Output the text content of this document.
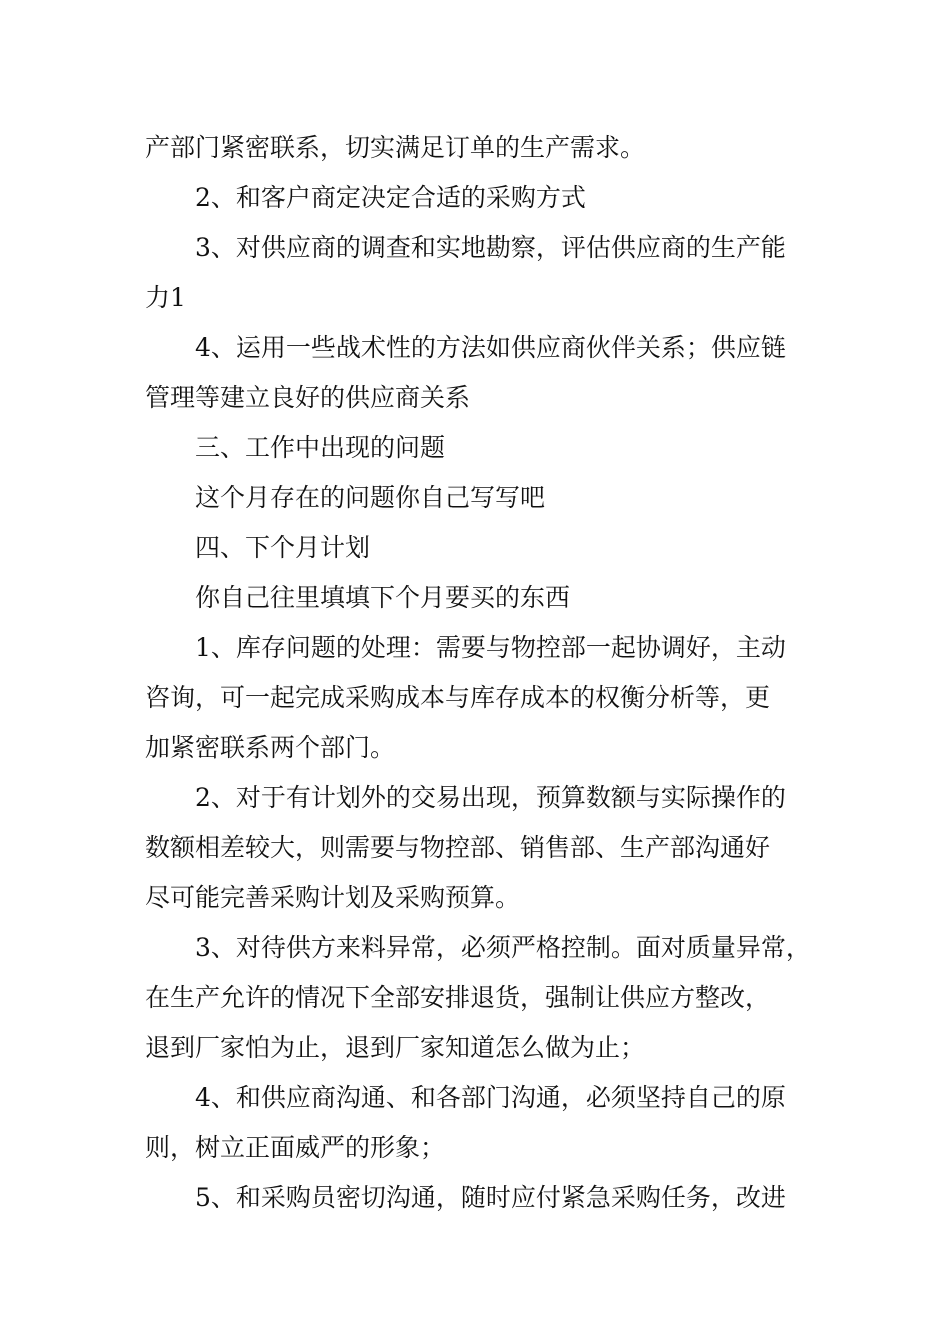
产部门紧密联系，切实满足订单的生产需求。

2、和客户商定决定合适的采购方式

3、对供应商的调查和实地勘察，评估供应商的生产能

力1

4、运用一些战术性的方法如供应商伙伴关系；供应链

管理等建立良好的供应商关系

三、工作中出现的问题

这个月存在的问题你自己写写吧

四、下个月计划

你自己往里填填下个月要买的东西

1、库存问题的处理：需要与物控部一起协调好，主动

咨询，可一起完成采购成本与库存成本的权衡分析等，更

加紧密联系两个部门。

2、对于有计划外的交易出现，预算数额与实际操作的

数额相差较大，则需要与物控部、销售部、生产部沟通好

尽可能完善采购计划及采购预算。

3、对待供方来料异常，必须严格控制。面对质量异常，

在生产允许的情况下全部安排退货，强制让供应方整改，

退到厂家怕为止，退到厂家知道怎么做为止；

4、和供应商沟通、和各部门沟通，必须坚持自己的原

则，树立正面威严的形象；

5、和采购员密切沟通，随时应付紧急采购任务，改进
